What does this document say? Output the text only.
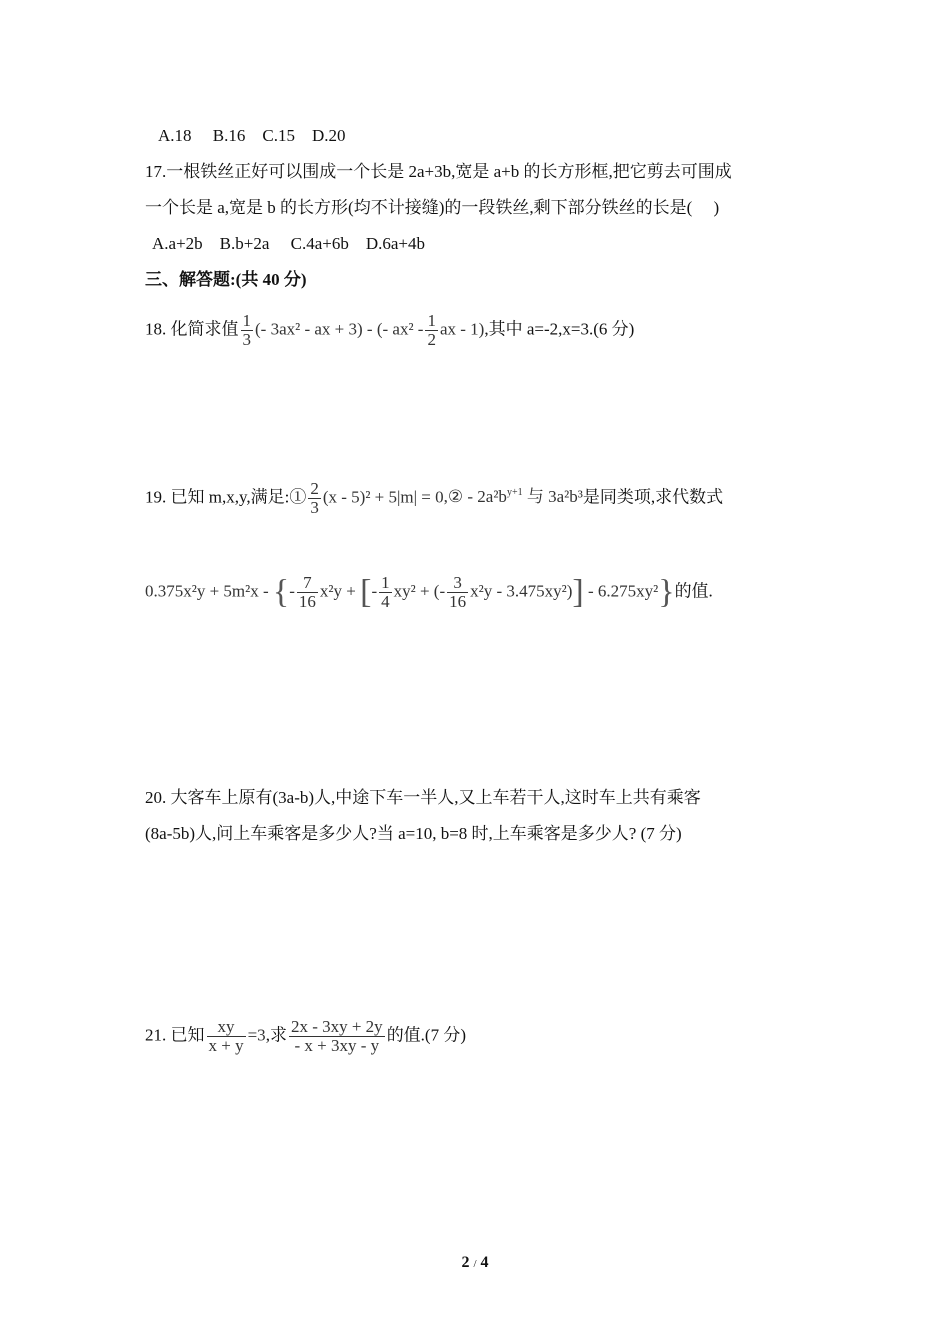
A.18　 B.16　C.15　D.20
17.一根铁丝正好可以围成一个长是 2a+3b,宽是 a+b 的长方形框,把它剪去可围成
一个长是 a,宽是 b 的长方形(均不计接缝)的一段铁丝,剩下部分铁丝的长是(　 )
A.a+2b　B.b+2a　 C.4a+6b　D.6a+4b
三、解答题:(共 40 分)
18. 化简求值 $\frac{1}{3}$ (- 3ax² - ax + 3) - (- $ax^2 - \frac{1}{2}$ ax - 1),其中 a=-2,x=3.(6 分)
19. 已知 m,x,y,满足:① $\frac{2}{3} (x - 5)^2 + 5|m|$ = 0,② - $2a^2b^{y+1}$ 与 3a²b³是同类项,求代数式
0.375x²y + 5m²x - {- $\frac{7}{16} x^2y$ + [- $\frac{1}{4} xy^2$ + (- $\frac{3}{16} x^2y - 3.475xy^2)] - 6.275xy^2$}的值.
20. 大客车上原有(3a-b)人,中途下车一半人,又上车若干人,这时车上共有乘客
(8a-5b)人,问上车乘客是多少人?当 a=10, b=8 时,上车乘客是多少人? (7 分)
21. 已知 $\frac{xy}{x + y} =3$,求 $\frac{2x - 3xy + 2y}{- x + 3xy - y}$ 的值.(7 分)
2 / 4
